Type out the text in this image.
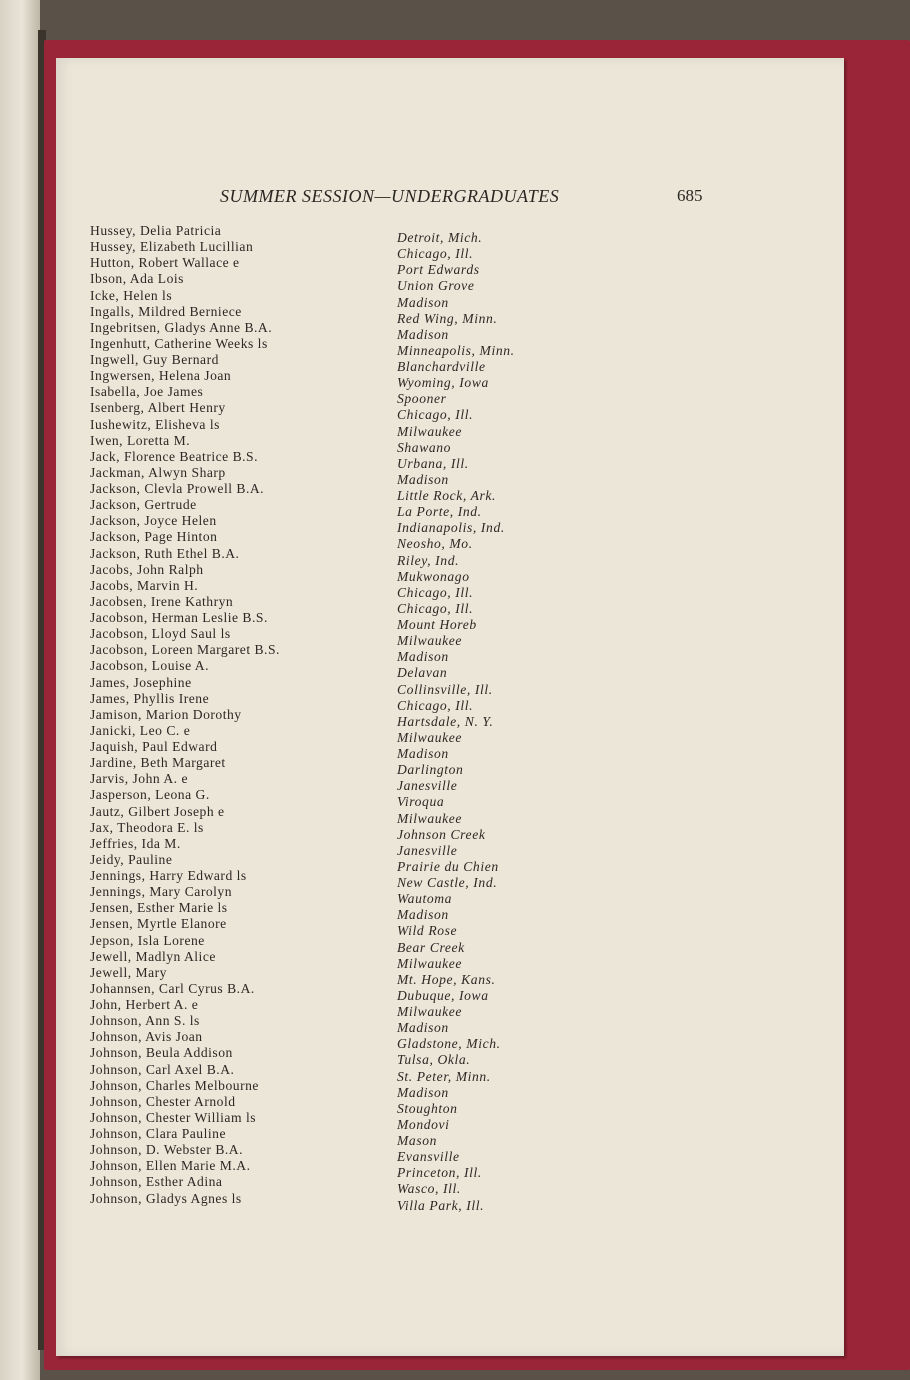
SUMMER SESSION—UNDERGRADUATES	685
Hussey, Delia Patricia	Detroit, Mich.
Hussey, Elizabeth Lucillian	Chicago, Ill.
Hutton, Robert Wallace e	Port Edwards
Ibson, Ada Lois	Union Grove
Icke, Helen ls	Madison
Ingalls, Mildred Berniece	Red Wing, Minn.
Ingebritsen, Gladys Anne B.A.	Madison
Ingenhutt, Catherine Weeks ls	Minneapolis, Minn.
Ingwell, Guy Bernard	Blanchardville
Ingwersen, Helena Joan	Wyoming, Iowa
Isabella, Joe James	Spooner
Isenberg, Albert Henry	Chicago, Ill.
Iushewitz, Elisheva ls	Milwaukee
Iwen, Loretta M.	Shawano
Jack, Florence Beatrice B.S.	Urbana, Ill.
Jackman, Alwyn Sharp	Madison
Jackson, Clevla Prowell B.A.	Little Rock, Ark.
Jackson, Gertrude	La Porte, Ind.
Jackson, Joyce Helen	Indianapolis, Ind.
Jackson, Page Hinton	Neosho, Mo.
Jackson, Ruth Ethel B.A.	Riley, Ind.
Jacobs, John Ralph	Mukwonago
Jacobs, Marvin H.	Chicago, Ill.
Jacobsen, Irene Kathryn	Chicago, Ill.
Jacobson, Herman Leslie B.S.	Mount Horeb
Jacobson, Lloyd Saul ls	Milwaukee
Jacobson, Loreen Margaret B.S.	Madison
Jacobson, Louise A.	Delavan
James, Josephine	Collinsville, Ill.
James, Phyllis Irene	Chicago, Ill.
Jamison, Marion Dorothy	Hartsdale, N. Y.
Janicki, Leo C. e	Milwaukee
Jaquish, Paul Edward	Madison
Jardine, Beth Margaret	Darlington
Jarvis, John A. e	Janesville
Jasperson, Leona G.	Viroqua
Jautz, Gilbert Joseph e	Milwaukee
Jax, Theodora E. ls	Johnson Creek
Jeffries, Ida M.	Janesville
Jeidy, Pauline	Prairie du Chien
Jennings, Harry Edward ls	New Castle, Ind.
Jennings, Mary Carolyn	Wautoma
Jensen, Esther Marie ls	Madison
Jensen, Myrtle Elanore	Wild Rose
Jepson, Isla Lorene	Bear Creek
Jewell, Madlyn Alice	Milwaukee
Jewell, Mary	Mt. Hope, Kans.
Johannsen, Carl Cyrus B.A.	Dubuque, Iowa
John, Herbert A. e	Milwaukee
Johnson, Ann S. ls	Madison
Johnson, Avis Joan	Gladstone, Mich.
Johnson, Beula Addison	Tulsa, Okla.
Johnson, Carl Axel B.A.	St. Peter, Minn.
Johnson, Charles Melbourne	Madison
Johnson, Chester Arnold	Stoughton
Johnson, Chester William ls	Mondovi
Johnson, Clara Pauline	Mason
Johnson, D. Webster B.A.	Evansville
Johnson, Ellen Marie M.A.	Princeton, Ill.
Johnson, Esther Adina	Wasco, Ill.
Johnson, Gladys Agnes ls	Villa Park, Ill.
